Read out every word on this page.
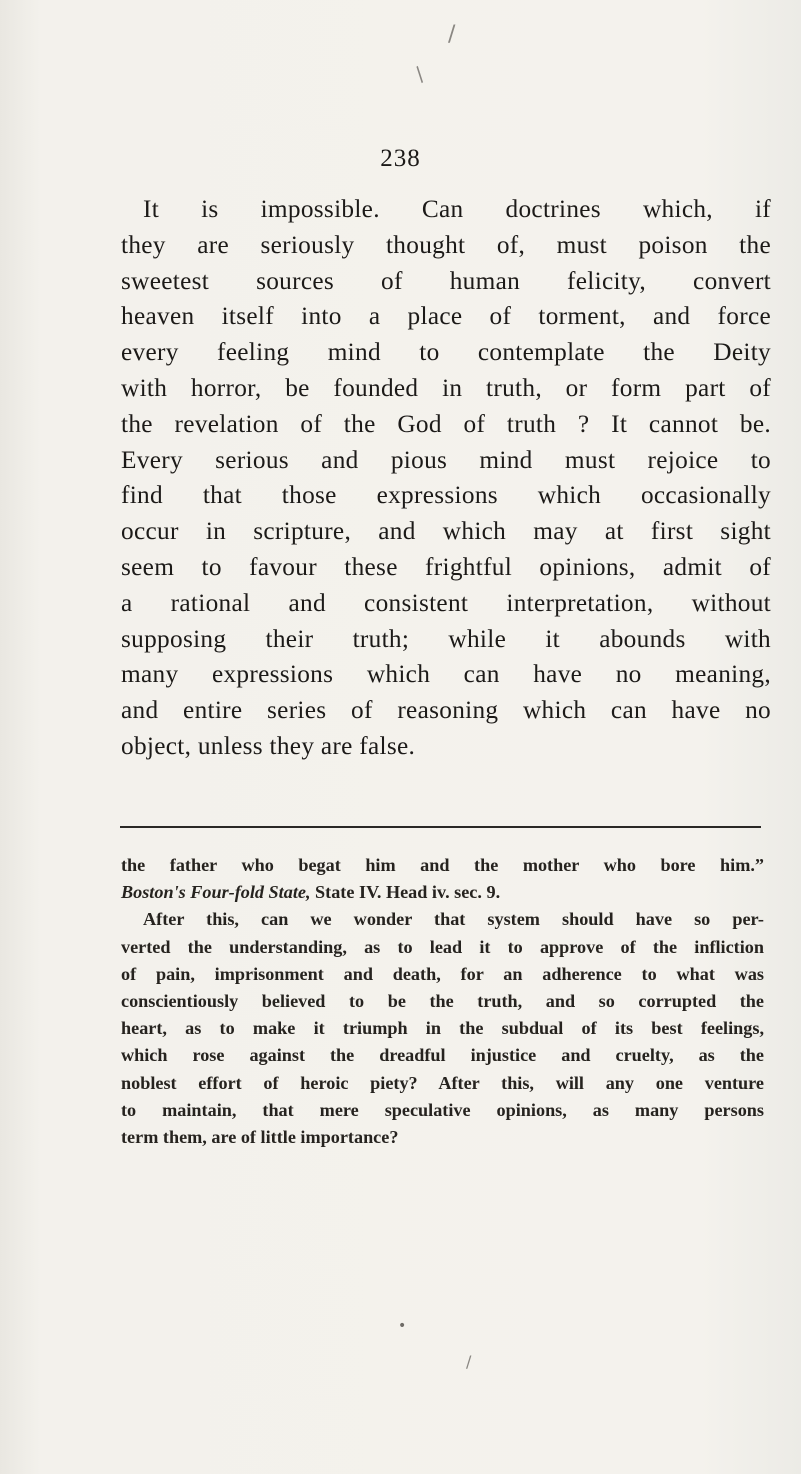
/
/
238

It is impossible. Can doctrines which, if
they are seriously thought of, must poison the
sweetest sources of human felicity, convert
heaven itself into a place of torment, and force
every feeling mind to contemplate the Deity
with horror, be founded in truth, or form part of
the revelation of the God of truth ? It cannot be.
Every serious and pious mind must rejoice to
find that those expressions which occasionally
occur in scripture, and which may at first sight
seem to favour these frightful opinions, admit of
a rational and consistent interpretation, without
supposing their truth; while it abounds with
many expressions which can have no meaning,
and entire series of reasoning which can have no
object, unless they are false.

the father who begat him and the mother who bore him.”
Boston's Four-fold State, State IV. Head iv. sec. 9.
After this, can we wonder that system should have so per-
verted the understanding, as to lead it to approve of the infliction
of pain, imprisonment and death, for an adherence to what was
conscientiously believed to be the truth, and so corrupted the
heart, as to make it triumph in the subdual of its best feelings,
which rose against the dreadful injustice and cruelty, as the
noblest effort of heroic piety? After this, will any one venture
to maintain, that mere speculative opinions, as many persons
term them, are of little importance?
•
/
